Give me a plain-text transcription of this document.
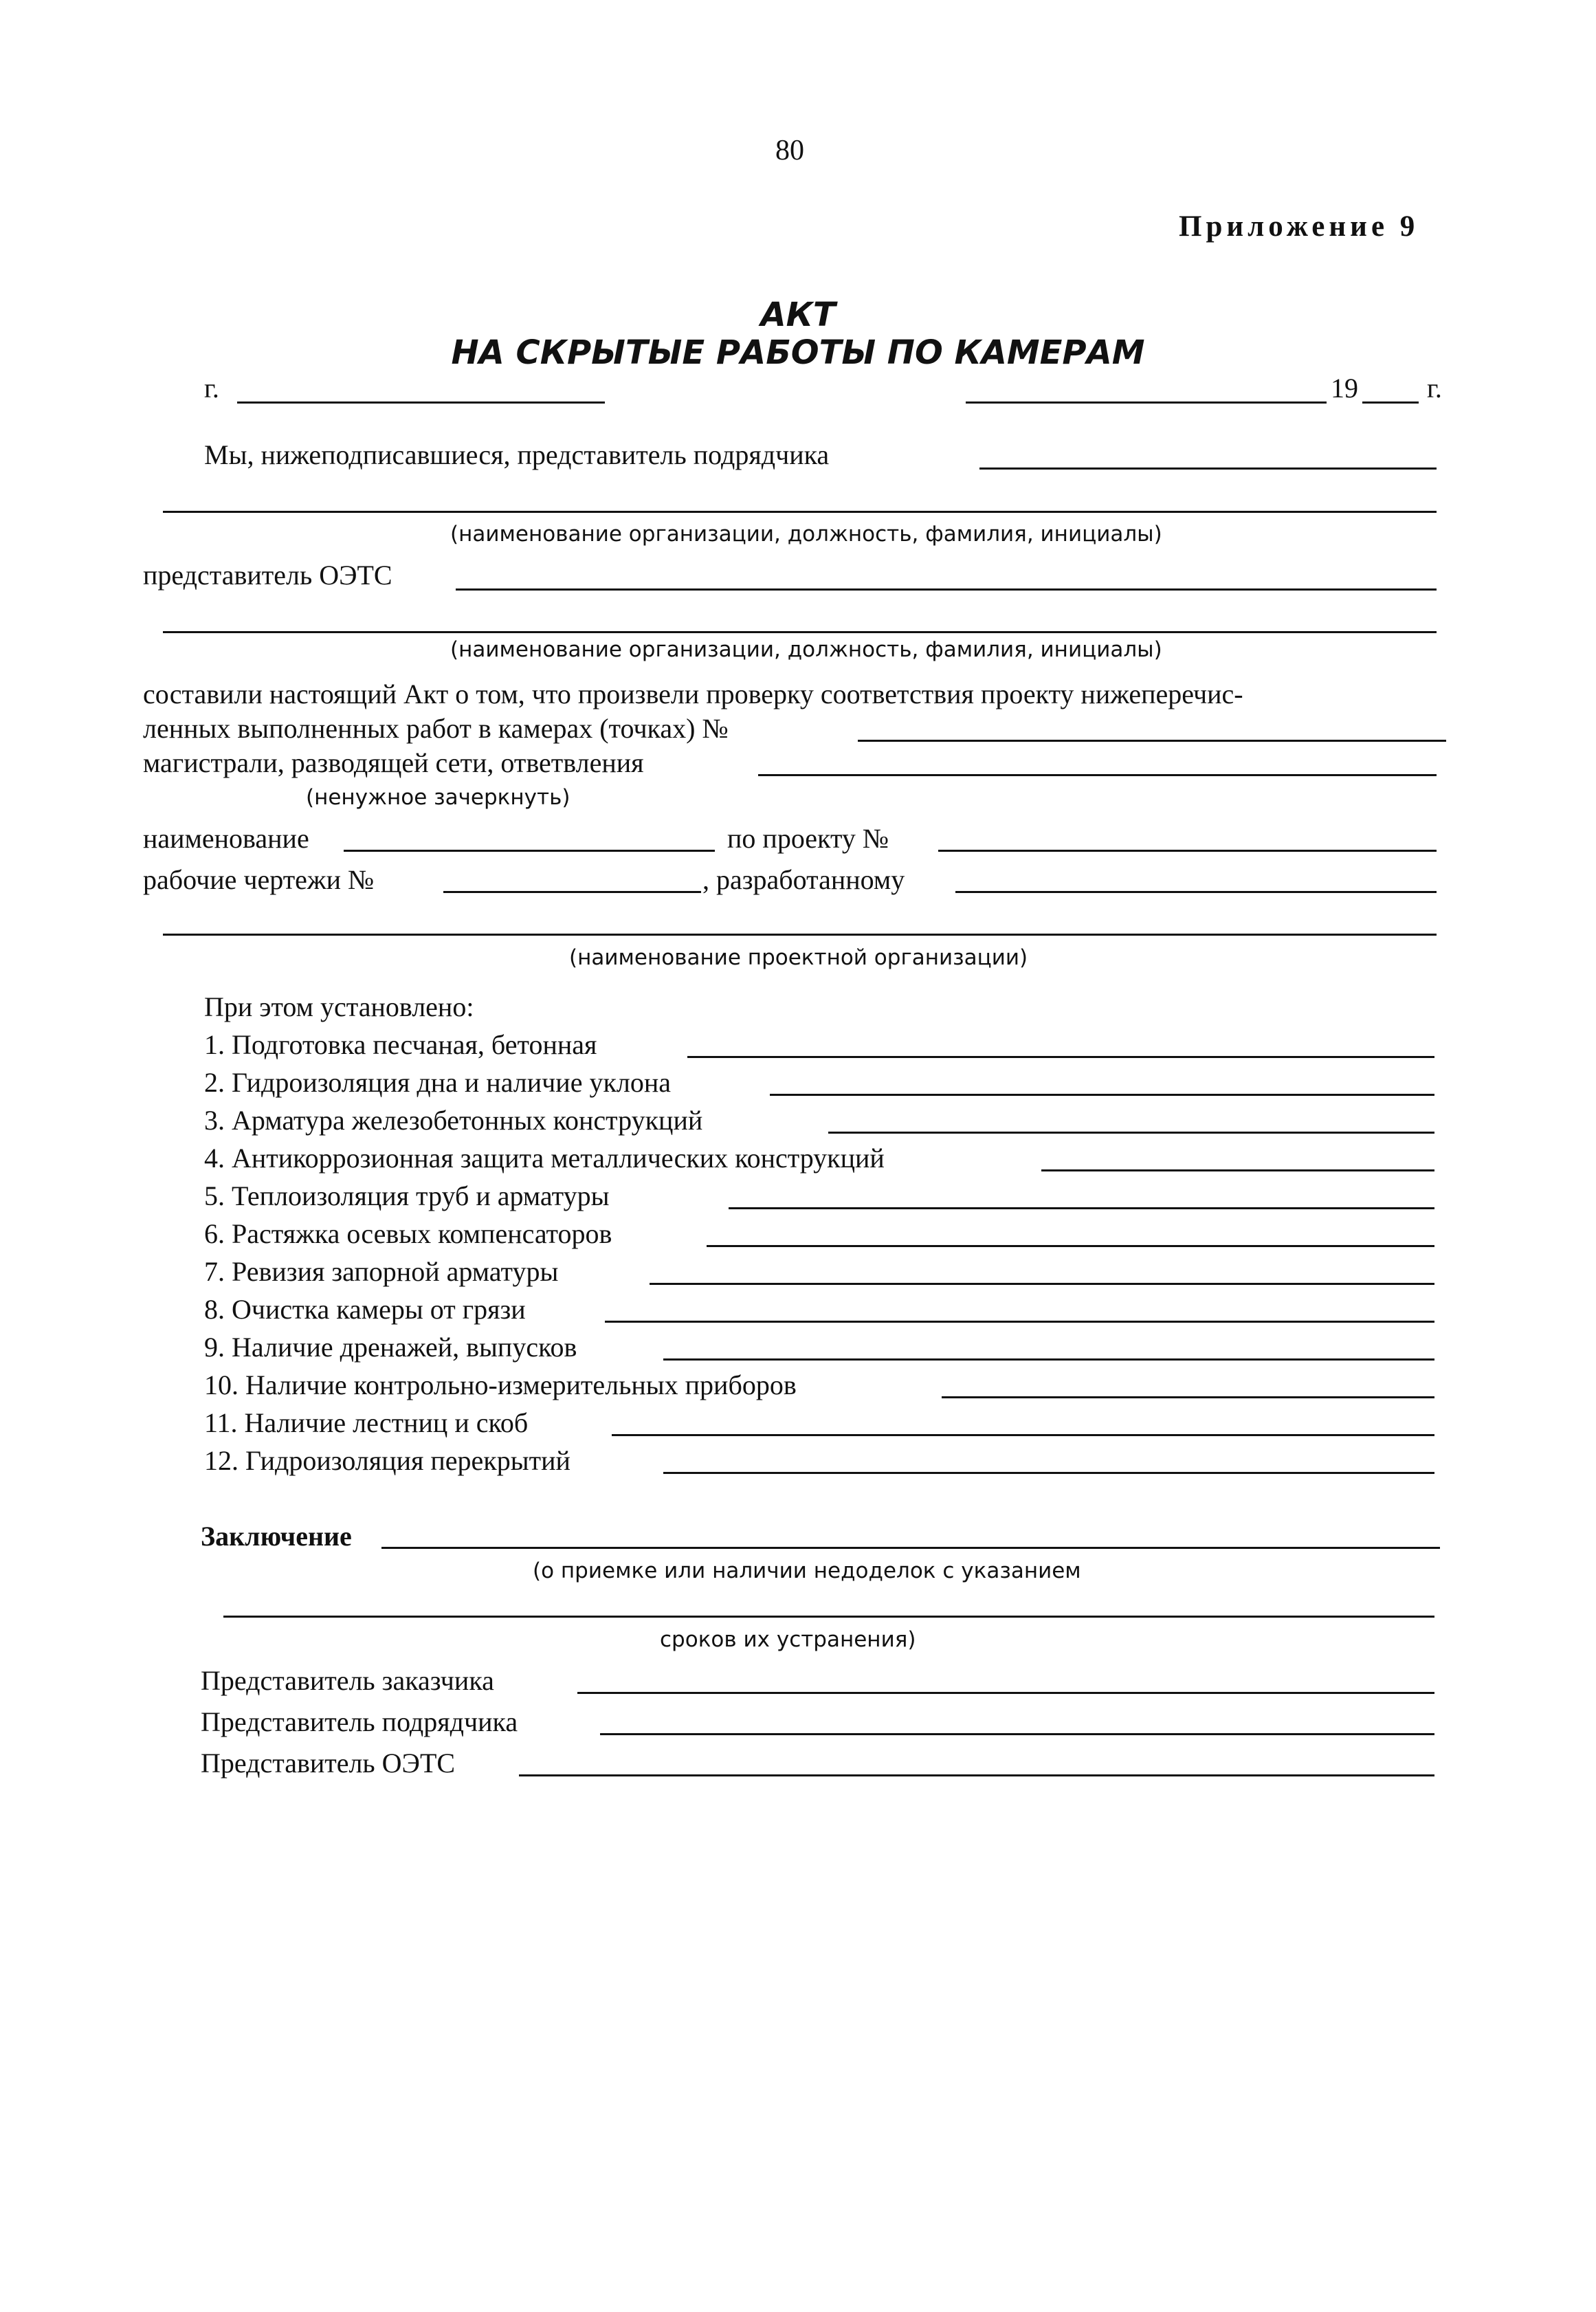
80
Приложение 9
АКТ
НА СКРЫТЫЕ РАБОТЫ ПО КАМЕРАМ
г.	19	г.
Мы, нижеподписавшиеся, представитель подрядчика
(наименование организации, должность, фамилия, инициалы)
представитель ОЭТС
(наименование организации, должность, фамилия, инициалы)
составили настоящий Акт о том, что произвели проверку соответствия проекту нижеперечис-
ленных выполненных работ в камерах (точках) №
магистрали, разводящей сети, ответвления
(ненужное зачеркнуть)
наименование	по проекту №
рабочие чертежи №	, разработанному
(наименование проектной организации)
При этом установлено:
1. Подготовка песчаная, бетонная
2. Гидроизоляция дна и наличие уклона
3. Арматура железобетонных конструкций
4. Антикоррозионная защита металлических конструкций
5. Теплоизоляция труб и арматуры
6. Растяжка осевых компенсаторов
7. Ревизия запорной арматуры
8. Очистка камеры от грязи
9. Наличие дренажей, выпусков
10. Наличие контрольно-измерительных приборов
11. Наличие лестниц и скоб
12. Гидроизоляция перекрытий
Заключение
(о приемке или наличии недоделок с указанием
сроков их устранения)
Представитель заказчика
Представитель подрядчика
Представитель ОЭТС
